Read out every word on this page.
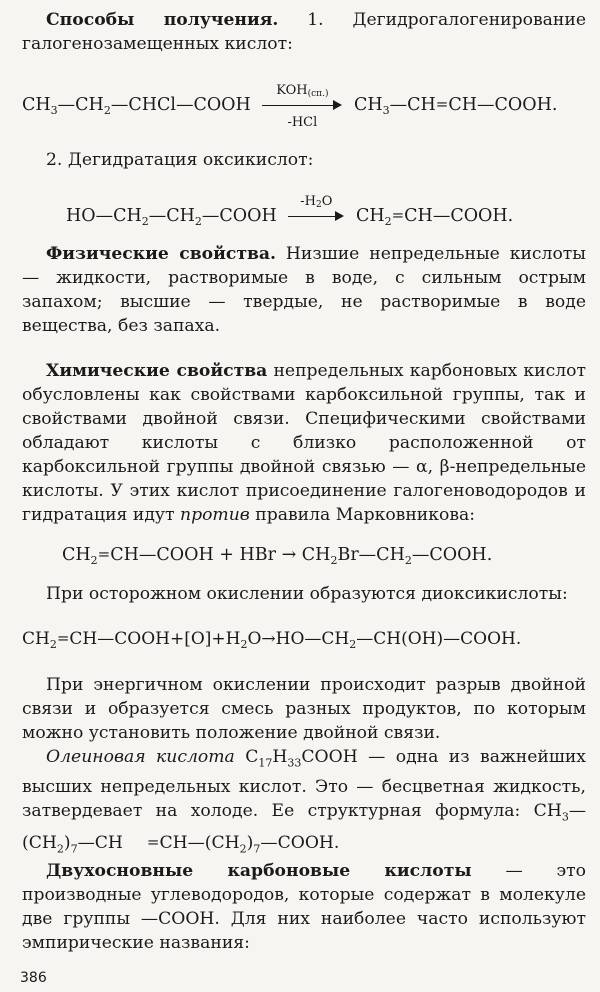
Способы получения. 1. Дегидрогалогенирование галогенозамещенных кислот:

$CH_3—CH_2—CHCl—COOH$
$KOH_{(сп.)}$
-HCl
$CH_3—CH=CH—COOH$.

2. Дегидратация оксикислот:

$HO—CH_2—CH_2—COOH$
$-H_2O$
$CH_2=CH—COOH$.

Физические свойства. Низшие непредельные кислоты — жидкости, растворимые в воде, с сильным острым запахом; высшие — твердые, не растворимые в воде вещества, без запаха.

Химические свойства непредельных карбоновых кислот обусловлены как свойствами карбоксильной группы, так и свойствами двойной связи. Специфическими свойствами обладают кислоты с близко расположенной от карбоксильной группы двойной связью — α, β-непредельные кислоты. У этих кислот присоединение галогеноводородов и гидратация идут против правила Марковникова:

$CH_2=CH—COOH$ + HBr → $CH_2Br—CH_2—COOH$.

При осторожном окислении образуются диоксикислоты:

$CH_2=CH—COOH+[O]+H_2O\to HO—CH_2—CH(OH)—COOH$.

При энергичном окислении происходит разрыв двойной связи и образуется смесь разных продуктов, по которым можно установить положение двойной связи.

Олеиновая кислота $C_{17}H_{33}COOH$ — одна из важнейших высших непредельных кислот. Это — бесцветная жидкость, затвердевает на холоде. Ее структурная формула: $CH_3—(CH_2)_7—CH$ $=CH—(CH_2)_7—COOH$.

Двухосновные карбоновые кислоты — это производные углеводородов, которые содержат в молекуле две группы —COOH. Для них наиболее часто используют эмпирические названия:

386
